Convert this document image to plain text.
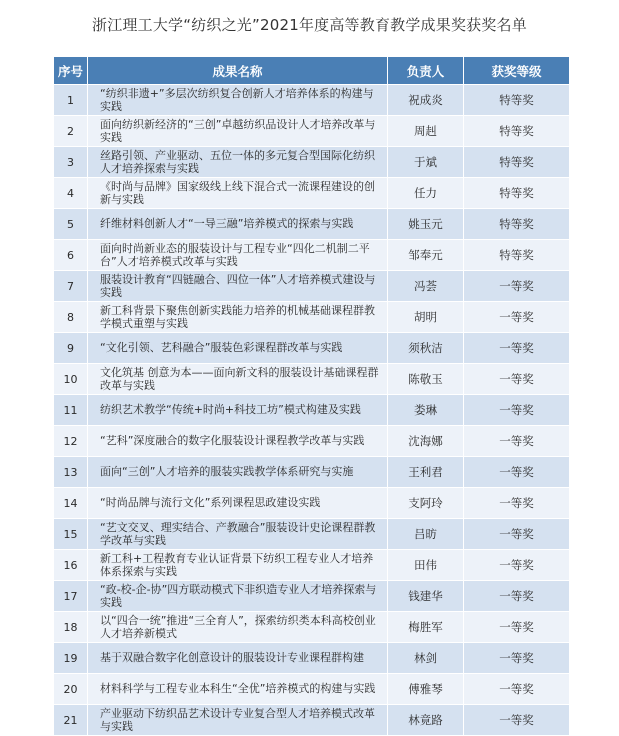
浙江理工大学“纺织之光”2021年度高等教育教学成果奖获奖名单
序号	成果名称	负责人	获奖等级
1	“纺织非遗+”多层次纺织复合创新人才培养体系的构建与实践	祝成炎	特等奖
2	面向纺织新经济的“三创”卓越纺织品设计人才培养改革与实践	周赳	特等奖
3	丝路引领、产业驱动、五位一体的多元复合型国际化纺织人才培养探索与实践	于斌	特等奖
4	《时尚与品牌》国家级线上线下混合式一流课程建设的创新与实践	任力	特等奖
5	纤维材料创新人才“一导三融”培养模式的探索与实践	姚玉元	特等奖
6	面向时尚新业态的服装设计与工程专业“四化二机制二平台”人才培养模式改革与实践	邹奉元	特等奖
7	服装设计教育“四链融合、四位一体”人才培养模式建设与实践	冯荟	一等奖
8	新工科背景下聚焦创新实践能力培养的机械基础课程群教学模式重塑与实践	胡明	一等奖
9	“文化引领、艺科融合”服装色彩课程群改革与实践	须秋洁	一等奖
10	文化筑基 创意为本——面向新文科的服装设计基础课程群改革与实践	陈敬玉	一等奖
11	纺织艺术教学“传统+时尚+科技工坊”模式构建及实践	娄琳	一等奖
12	“艺科”深度融合的数字化服装设计课程教学改革与实践	沈海娜	一等奖
13	面向“三创”人才培养的服装实践教学体系研究与实施	王利君	一等奖
14	“时尚品牌与流行文化”系列课程思政建设实践	支阿玲	一等奖
15	“艺文交叉、理实结合、产教融合”服装设计史论课程群教学改革与实践	吕昉	一等奖
16	新工科+工程教育专业认证背景下纺织工程专业人才培养体系探索与实践	田伟	一等奖
17	“政-校-企-协”四方联动模式下非织造专业人才培养探索与实践	钱建华	一等奖
18	以“四合一统”推进“三全育人”，探索纺织类本科高校创业人才培养新模式	梅胜军	一等奖
19	基于双融合数字化创意设计的服装设计专业课程群构建	林剑	一等奖
20	材料科学与工程专业本科生“全优”培养模式的构建与实践	傅雅琴	一等奖
21	产业驱动下纺织品艺术设计专业复合型人才培养模式改革与实践	林竟路	一等奖
